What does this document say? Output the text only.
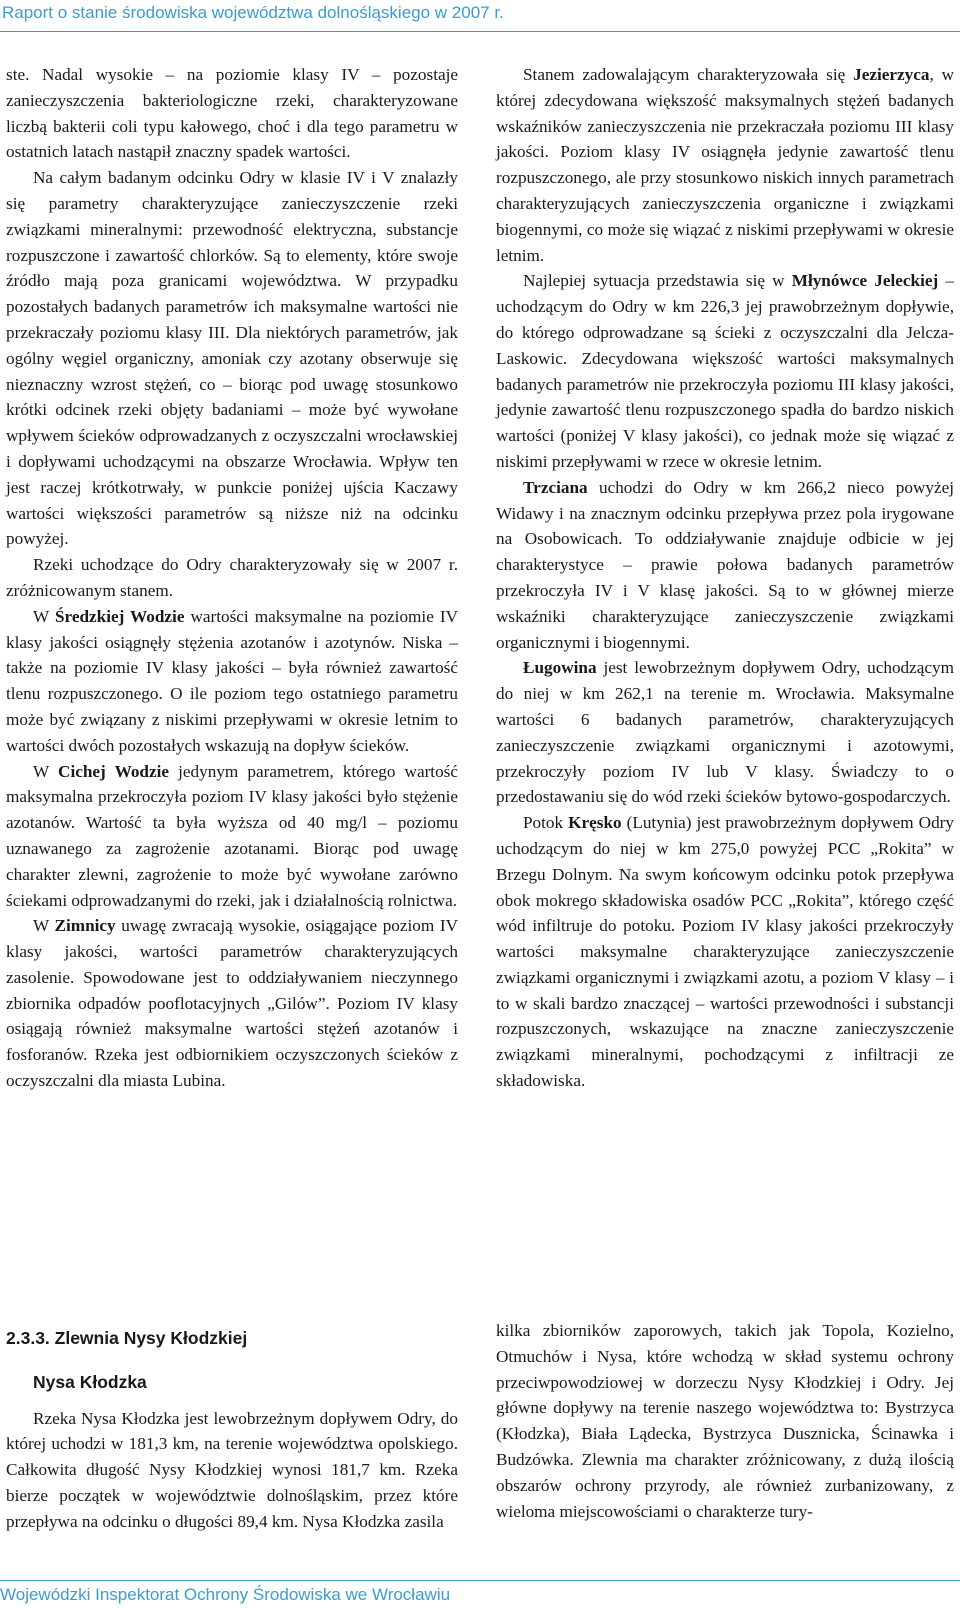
Raport o stanie środowiska województwa dolnośląskiego w 2007 r.

ste. Nadal wysokie – na poziomie klasy IV – pozostaje zanieczyszczenia bakteriologiczne rzeki, charakteryzowane liczbą bakterii coli typu kałowego, choć i dla tego parametru w ostatnich latach nastąpił znaczny spadek wartości.

Na całym badanym odcinku Odry w klasie IV i V znalazły się parametry charakteryzujące zanieczyszczenie rzeki związkami mineralnymi: przewodność elektryczna, substancje rozpuszczone i zawartość chlorków. Są to elementy, które swoje źródło mają poza granicami województwa. W przypadku pozostałych badanych parametrów ich maksymalne wartości nie przekraczały poziomu klasy III. Dla niektórych parametrów, jak ogólny węgiel organiczny, amoniak czy azotany obserwuje się nieznaczny wzrost stężeń, co – biorąc pod uwagę stosunkowo krótki odcinek rzeki objęty badaniami – może być wywołane wpływem ścieków odprowadzanych z oczyszczalni wrocławskiej i dopływami uchodzącymi na obszarze Wrocławia. Wpływ ten jest raczej krótkotrwały, w punkcie poniżej ujścia Kaczawy wartości większości parametrów są niższe niż na odcinku powyżej.

Rzeki uchodzące do Odry charakteryzowały się w 2007 r. zróżnicowanym stanem.

W Średzkiej Wodzie wartości maksymalne na poziomie IV klasy jakości osiągnęły stężenia azotanów i azotynów. Niska – także na poziomie IV klasy jakości – była również zawartość tlenu rozpuszczonego. O ile poziom tego ostatniego parametru może być związany z niskimi przepływami w okresie letnim to wartości dwóch pozostałych wskazują na dopływ ścieków.

W Cichej Wodzie jedynym parametrem, którego wartość maksymalna przekroczyła poziom IV klasy jakości było stężenie azotanów. Wartość ta była wyższa od 40 mg/l – poziomu uznawanego za zagrożenie azotanami. Biorąc pod uwagę charakter zlewni, zagrożenie to może być wywołane zarówno ściekami odprowadzanymi do rzeki, jak i działalnością rolnictwa.

W Zimnicy uwagę zwracają wysokie, osiągające poziom IV klasy jakości, wartości parametrów charakteryzujących zasolenie. Spowodowane jest to oddziaływaniem nieczynnego zbiornika odpadów pooflotacyjnych „Gilów”. Poziom IV klasy osiągają również maksymalne wartości stężeń azotanów i fosforanów. Rzeka jest odbiornikiem oczyszczonych ścieków z oczyszczalni dla miasta Lubina.

Stanem zadowalającym charakteryzowała się Jezierzyca, w której zdecydowana większość maksymalnych stężeń badanych wskaźników zanieczyszczenia nie przekraczała poziomu III klasy jakości. Poziom klasy IV osiągnęła jedynie zawartość tlenu rozpuszczonego, ale przy stosunkowo niskich innych parametrach charakteryzujących zanieczyszczenia organiczne i związkami biogennymi, co może się wiązać z niskimi przepływami w okresie letnim.

Najlepiej sytuacja przedstawia się w Młynówce Jeleckiej – uchodzącym do Odry w km 226,3 jej prawobrzeżnym dopływie, do którego odprowadzane są ścieki z oczyszczalni dla Jelcza-Laskowic. Zdecydowana większość wartości maksymalnych badanych parametrów nie przekroczyła poziomu III klasy jakości, jedynie zawartość tlenu rozpuszczonego spadła do bardzo niskich wartości (poniżej V klasy jakości), co jednak może się wiązać z niskimi przepływami w rzece w okresie letnim.

Trzciana uchodzi do Odry w km 266,2 nieco powyżej Widawy i na znacznym odcinku przepływa przez pola irygowane na Osobowicach. To oddziaływanie znajduje odbicie w jej charakterystyce – prawie połowa badanych parametrów przekroczyła IV i V klasę jakości. Są to w głównej mierze wskaźniki charakteryzujące zanieczyszczenie związkami organicznymi i biogennymi.

Ługowina jest lewobrzeżnym dopływem Odry, uchodzącym do niej w km 262,1 na terenie m. Wrocławia. Maksymalne wartości 6 badanych parametrów, charakteryzujących zanieczyszczenie związkami organicznymi i azotowymi, przekroczyły poziom IV lub V klasy. Świadczy to o przedostawaniu się do wód rzeki ścieków bytowo-gospodarczych.

Potok Kręsko (Lutynia) jest prawobrzeżnym dopływem Odry uchodzącym do niej w km 275,0 powyżej PCC „Rokita” w Brzegu Dolnym. Na swym końcowym odcinku potok przepływa obok mokrego składowiska osadów PCC „Rokita”, którego część wód infiltruje do potoku. Poziom IV klasy jakości przekroczyły wartości maksymalne charakteryzujące zanieczyszczenie związkami organicznymi i związkami azotu, a poziom V klasy – i to w skali bardzo znaczącej – wartości przewodności i substancji rozpuszczonych, wskazujące na znaczne zanieczyszczenie związkami mineralnymi, pochodzącymi z infiltracji ze składowiska.

2.3.3. Zlewnia Nysy Kłodzkiej
Nysa Kłodzka

Rzeka Nysa Kłodzka jest lewobrzeżnym dopływem Odry, do której uchodzi w 181,3 km, na terenie województwa opolskiego. Całkowita długość Nysy Kłodzkiej wynosi 181,7 km. Rzeka bierze początek w województwie dolnośląskim, przez które przepływa na odcinku o długości 89,4 km. Nysa Kłodzka zasila

kilka zbiorników zaporowych, takich jak Topola, Kozielno, Otmuchów i Nysa, które wchodzą w skład systemu ochrony przeciwpowodziowej w dorzeczu Nysy Kłodzkiej i Odry. Jej główne dopływy na terenie naszego województwa to: Bystrzyca (Kłodzka), Biała Lądecka, Bystrzyca Dusznicka, Ścinawka i Budzówka. Zlewnia ma charakter zróżnicowany, z dużą ilością obszarów ochrony przyrody, ale również zurbanizowany, z wieloma miejscowościami o charakterze tury-

Wojewódzki Inspektorat Ochrony Środowiska we Wrocławiu
